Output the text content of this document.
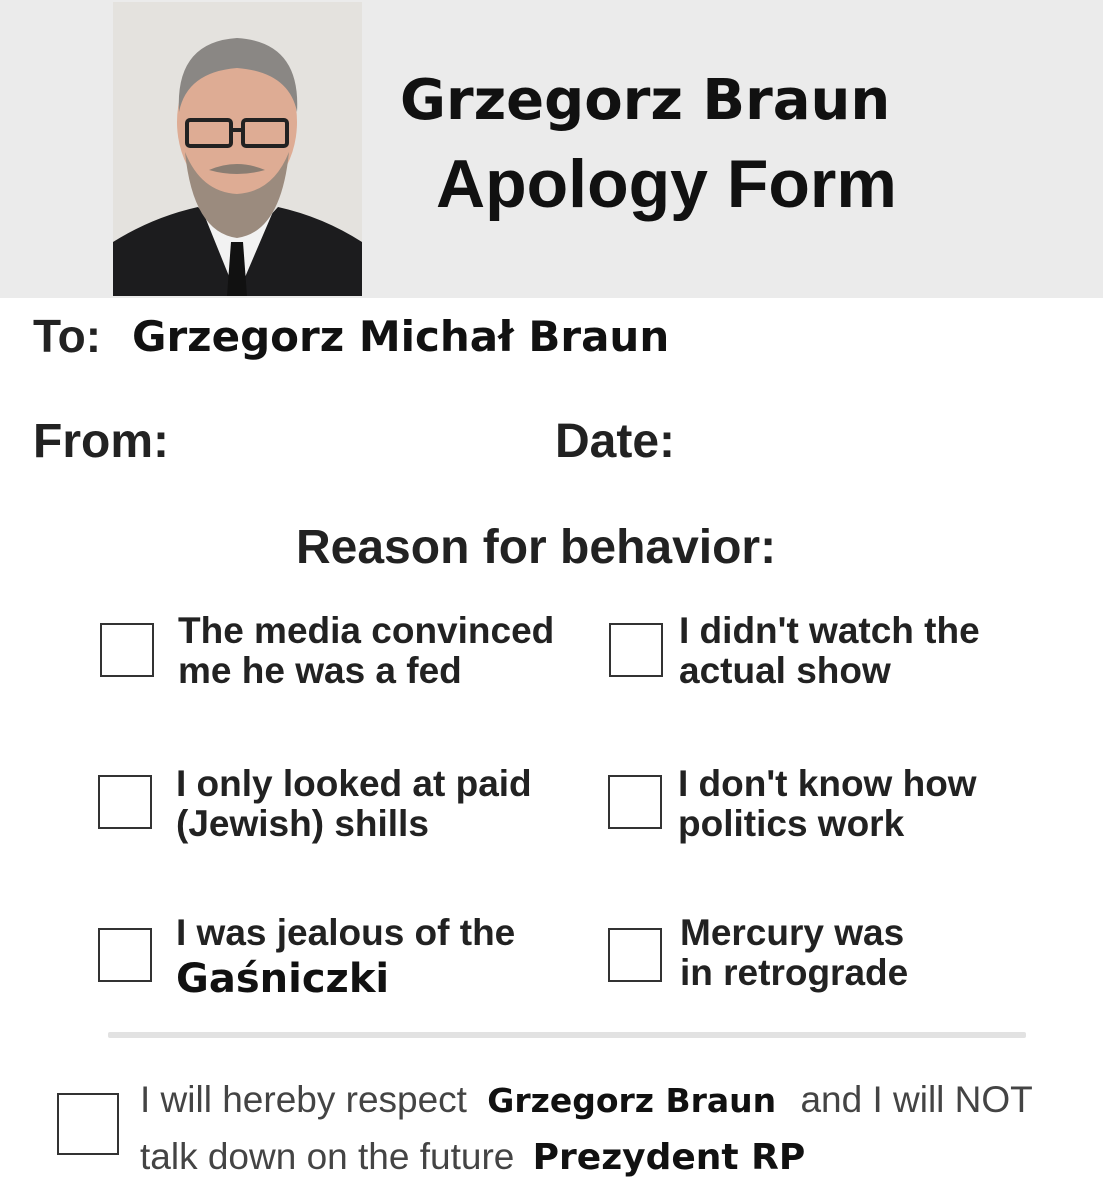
Grzegorz Braun
Apology Form
To: Grzegorz Michał Braun
From:	Date:
Reason for behavior:
The media convinced
me he was a fed
I didn't watch the
actual show
I only looked at paid
(Jewish) shills
I don't know how
politics work
I was jealous of the
Gaśniczki
Mercury was
in retrograde
I will hereby respect Grzegorz Braun and I will NOT
talk down on the future Prezydent RP
